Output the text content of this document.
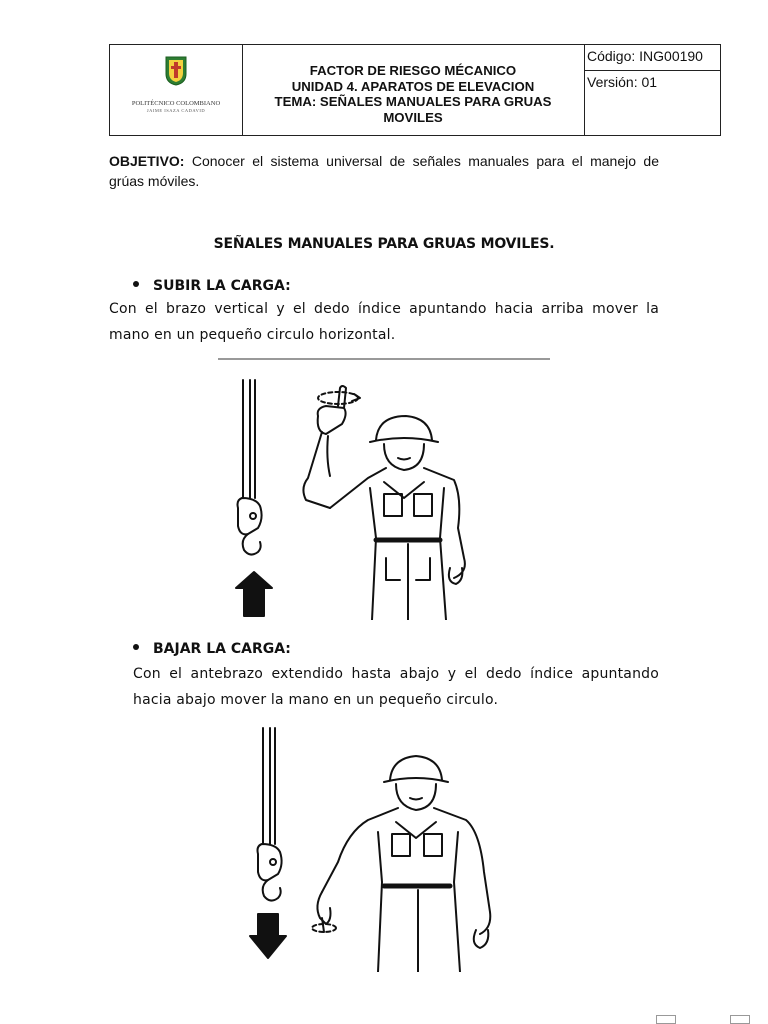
POLITÉCNICO COLOMBIANO
JAIME ISAZA CADAVID
FACTOR DE RIESGO MÉCANICO
UNIDAD 4. APARATOS DE ELEVACION
TEMA: SEÑALES MANUALES PARA GRUAS
MOVILES
Código: ING00190
Versión: 01
OBJETIVO: Conocer el sistema universal de señales manuales para el manejo de grúas móviles.
SEÑALES MANUALES PARA GRUAS MOVILES.
SUBIR LA CARGA:
Con el brazo vertical y el dedo índice apuntando hacia arriba mover la mano en un pequeño circulo horizontal.
BAJAR LA CARGA:
Con el antebrazo extendido hasta abajo y el dedo índice apuntando hacia abajo mover la mano en un pequeño circulo.
